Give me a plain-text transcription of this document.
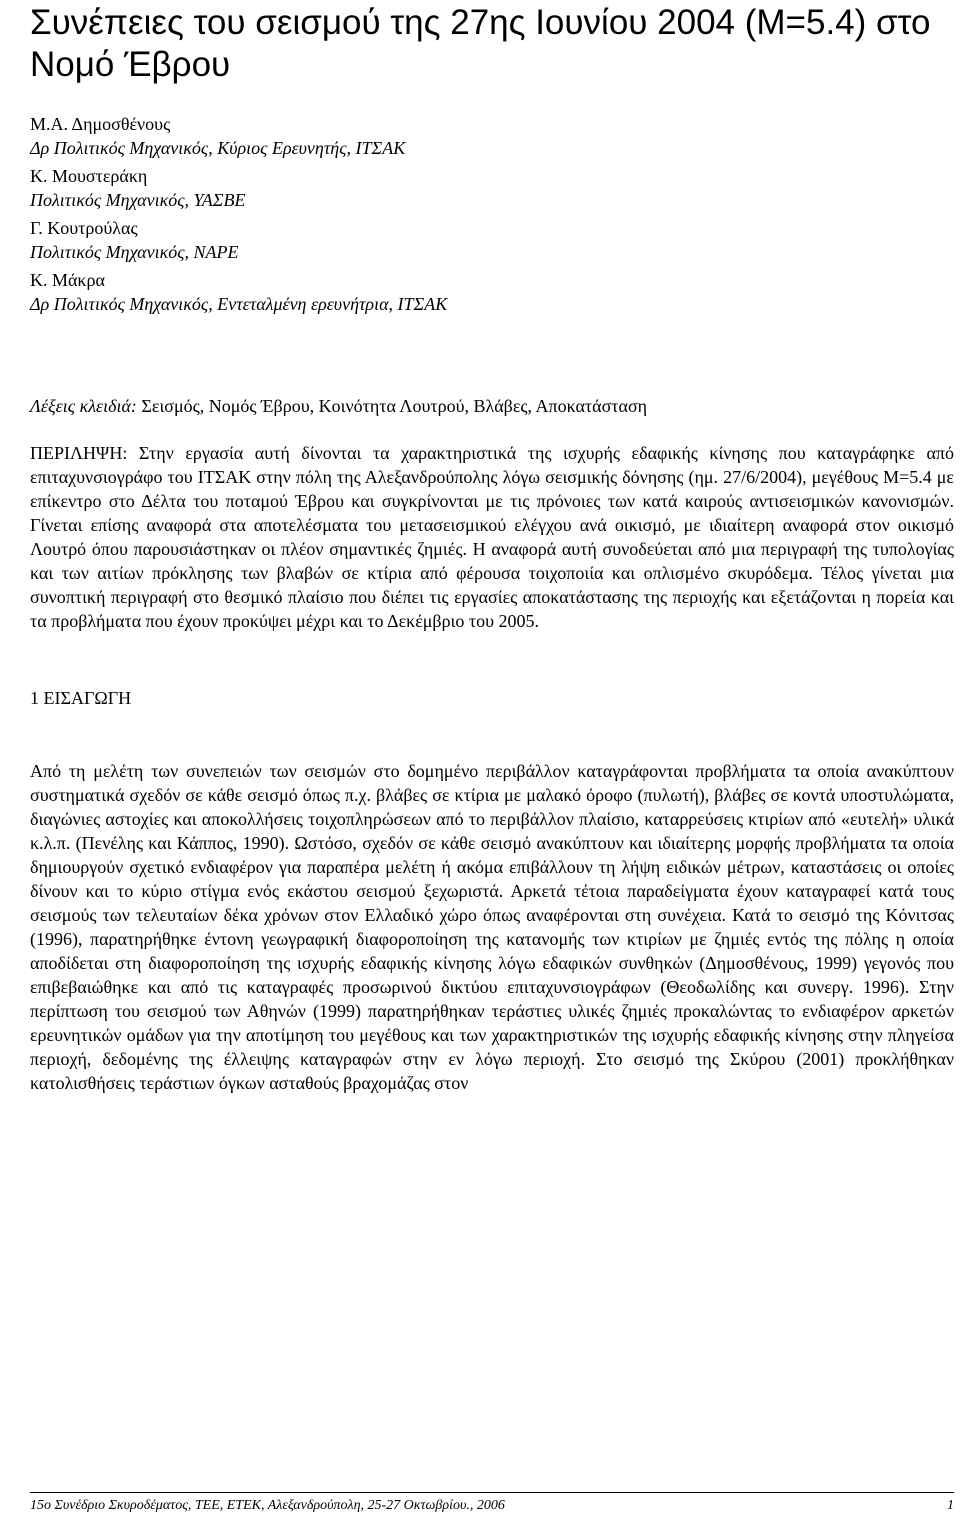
Συνέπειες του σεισμού της 27ης Ιουνίου 2004 (Μ=5.4) στο Νομό Έβρου
Μ.Α. Δημοσθένους
Δρ Πολιτικός Μηχανικός, Κύριος Ερευνητής, ΙΤΣΑΚ
Κ. Μουστεράκη
Πολιτικός Μηχανικός, ΥΑΣΒΕ
Γ. Κουτρούλας
Πολιτικός Μηχανικός, ΝΑΡΕ
Κ. Μάκρα
Δρ Πολιτικός Μηχανικός, Εντεταλμένη ερευνήτρια, ΙΤΣΑΚ
Λέξεις κλειδιά: Σεισμός, Νομός Έβρου, Κοινότητα Λουτρού, Βλάβες, Αποκατάσταση
ΠΕΡΙΛΗΨΗ: Στην εργασία αυτή δίνονται τα χαρακτηριστικά της ισχυρής εδαφικής κίνησης που καταγράφηκε από επιταχυνσιογράφο του ΙΤΣΑΚ στην πόλη της Αλεξανδρούπολης λόγω σεισμικής δόνησης (ημ. 27/6/2004), μεγέθους Μ=5.4 με επίκεντρο στο Δέλτα του ποταμού Έβρου και συγκρίνονται με τις πρόνοιες των κατά καιρούς αντισεισμικών κανονισμών. Γίνεται επίσης αναφορά στα αποτελέσματα του μετασεισμικού ελέγχου ανά οικισμό, με ιδιαίτερη αναφορά στον οικισμό Λουτρό όπου παρουσιάστηκαν οι πλέον σημαντικές ζημιές. Η αναφορά αυτή συνοδεύεται από μια περιγραφή της τυπολογίας και των αιτίων πρόκλησης των βλαβών σε κτίρια από φέρουσα τοιχοποιία και οπλισμένο σκυρόδεμα. Τέλος γίνεται μια συνοπτική περιγραφή στο θεσμικό πλαίσιο που διέπει τις εργασίες αποκατάστασης της περιοχής και εξετάζονται η πορεία και τα προβλήματα που έχουν προκύψει μέχρι και το Δεκέμβριο του 2005.
1 ΕΙΣΑΓΩΓΗ
Από τη μελέτη των συνεπειών των σεισμών στο δομημένο περιβάλλον καταγράφονται προβλήματα τα οποία ανακύπτουν συστηματικά σχεδόν σε κάθε σεισμό όπως π.χ. βλάβες σε κτίρια με μαλακό όροφο (πυλωτή), βλάβες σε κοντά υποστυλώματα, διαγώνιες αστοχίες και αποκολλήσεις τοιχοπληρώσεων από το περιβάλλον πλαίσιο, καταρρεύσεις κτιρίων από «ευτελή» υλικά κ.λ.π. (Πενέλης και Κάππος, 1990). Ωστόσο, σχεδόν σε κάθε σεισμό ανακύπτουν και ιδιαίτερης μορφής προβλήματα τα οποία δημιουργούν σχετικό ενδιαφέρον για παραπέρα μελέτη ή ακόμα επιβάλλουν τη λήψη ειδικών μέτρων, καταστάσεις οι οποίες δίνουν και το κύριο στίγμα ενός εκάστου σεισμού ξεχωριστά. Αρκετά τέτοια παραδείγματα έχουν καταγραφεί κατά τους σεισμούς των τελευταίων δέκα χρόνων στον Ελλαδικό χώρο όπως αναφέρονται στη συνέχεια. Κατά το σεισμό της Κόνιτσας (1996), παρατηρήθηκε έντονη γεωγραφική διαφοροποίηση της κατανομής των κτιρίων με ζημιές εντός της πόλης η οποία αποδίδεται στη διαφοροποίηση της ισχυρής εδαφικής κίνησης λόγω εδαφικών συνθηκών (Δημοσθένους, 1999) γεγονός που επιβεβαιώθηκε και από τις καταγραφές προσωρινού δικτύου επιταχυνσιογράφων (Θεοδωλίδης και συνεργ. 1996). Στην περίπτωση του σεισμού των Αθηνών (1999) παρατηρήθηκαν τεράστιες υλικές ζημιές προκαλώντας το ενδιαφέρον αρκετών ερευνητικών ομάδων για την αποτίμηση του μεγέθους και των χαρακτηριστικών της ισχυρής εδαφικής κίνησης στην πληγείσα περιοχή, δεδομένης της έλλειψης καταγραφών στην εν λόγω περιοχή. Στο σεισμό της Σκύρου (2001) προκλήθηκαν κατολισθήσεις τεράστιων όγκων ασταθούς βραχομάζας στον
15ο Συνέδριο Σκυροδέματος, ΤΕΕ, ΕΤΕΚ, Αλεξανδρούπολη, 25-27 Οκτωβρίου., 2006	1
